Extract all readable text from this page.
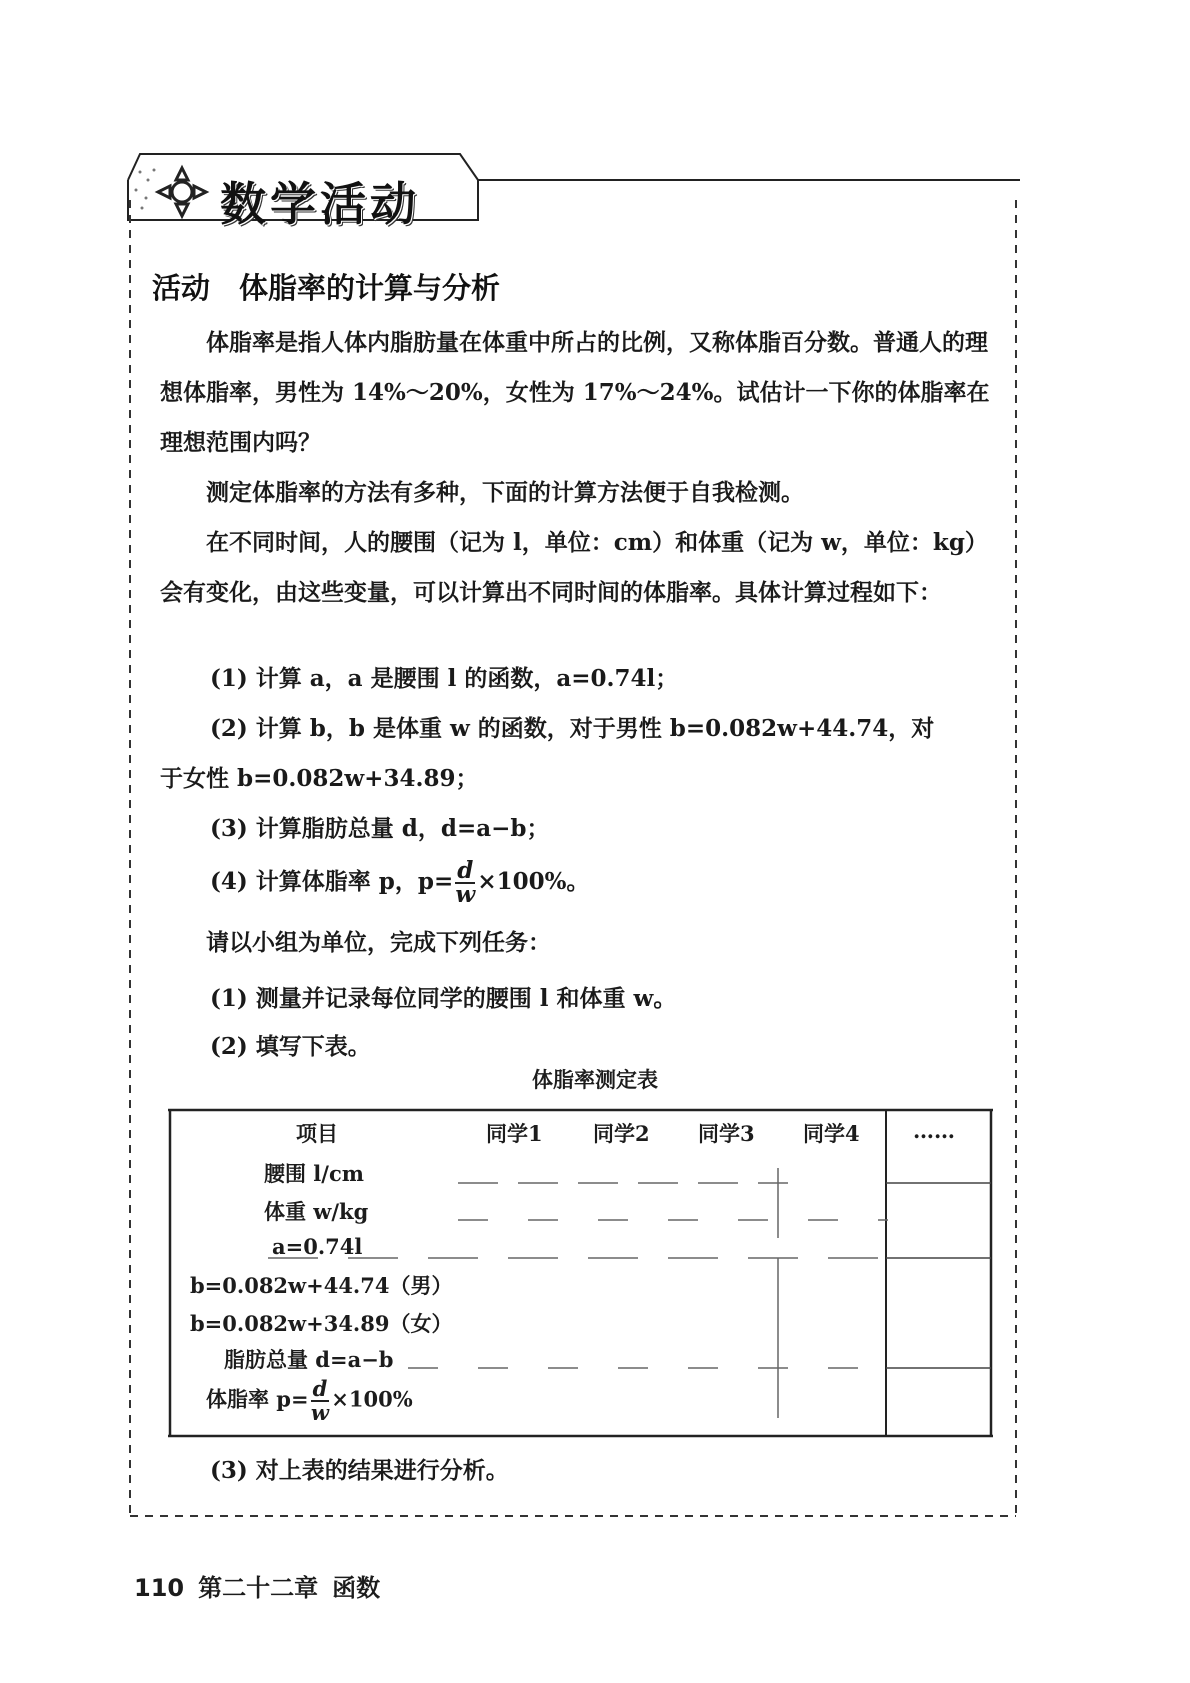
数学活动
活动　体脂率的计算与分析

体脂率是指人体内脂肪量在体重中所占的比例，又称体脂百分数。普通人的理想体脂率，男性为 14%～20%，女性为 17%～24%。试估计一下你的体脂率在理想范围内吗？

测定体脂率的方法有多种，下面的计算方法便于自我检测。

在不同时间，人的腰围（记为 l，单位：cm）和体重（记为 w，单位：kg）会有变化，由这些变量，可以计算出不同时间的体脂率。具体计算过程如下：

(1) 计算 a，a 是腰围 l 的函数，a=0.74l；
(2) 计算 b，b 是体重 w 的函数，对于男性 b=0.082w+44.74，对
于女性 b=0.082w+34.89；
(3) 计算脂肪总量 d，d=a−b；
(4) 计算体脂率 p，$p= \frac{d}{w} \times 100\%$。

请以小组为单位，完成下列任务：

(1) 测量并记录每位同学的腰围 l 和体重 w。
(2) 填写下表。
体脂率测定表
项目	同学1 同学2 同学3 同学4	……
腰围 l/cm
体重 w/kg
a=0.74l
b=0.082w+44.74（男）
b=0.082w+34.89（女）
脂肪总量 d=a−b
体脂率 $p= \frac{d}{w} \times 100\%$
(3) 对上表的结果进行分析。
110 第二十二章 函数
